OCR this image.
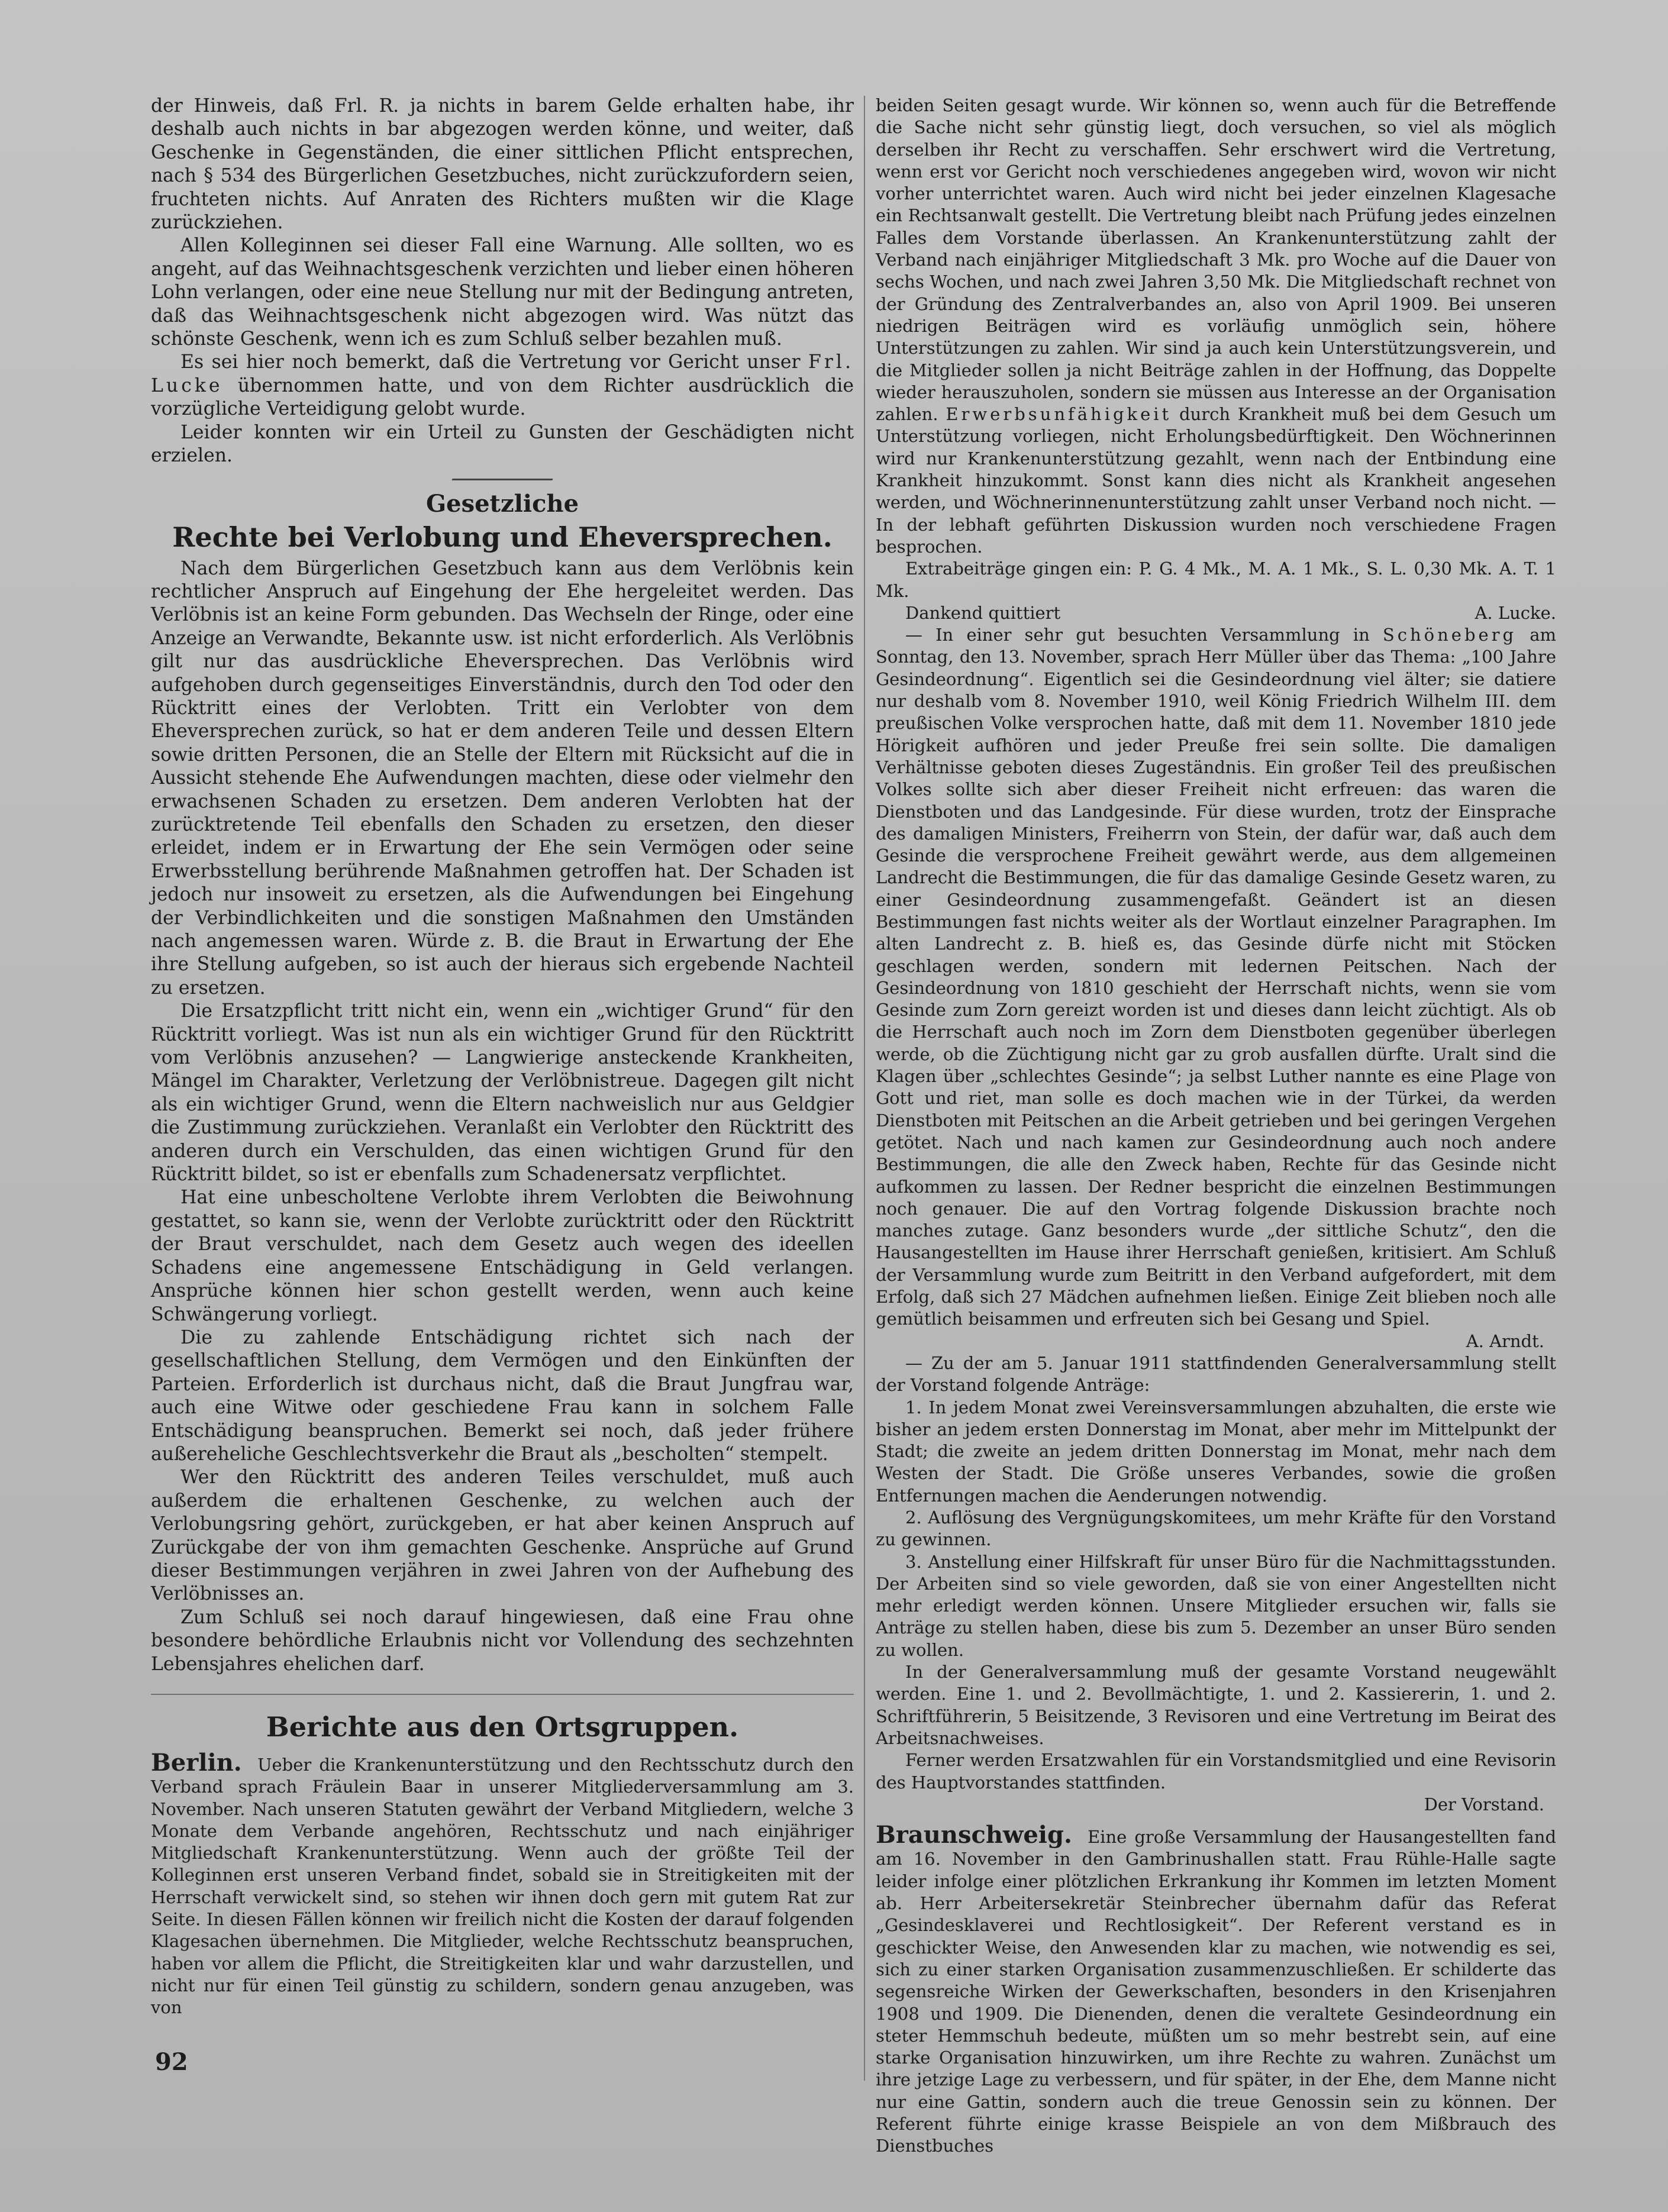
der Hinweis, daß Frl. R. ja nichts in barem Gelde erhalten habe, ihr deshalb auch nichts in bar abgezogen werden könne, und weiter, daß Geschenke in Gegenständen, die einer sittlichen Pflicht entsprechen, nach § 534 des Bürgerlichen Gesetzbuches, nicht zurückzufordern seien, fruchteten nichts. Auf Anraten des Richters mußten wir die Klage zurückziehen.

Allen Kolleginnen sei dieser Fall eine Warnung. Alle sollten, wo es angeht, auf das Weihnachtsgeschenk verzichten und lieber einen höheren Lohn verlangen, oder eine neue Stellung nur mit der Bedingung antreten, daß das Weihnachtsgeschenk nicht abgezogen wird. Was nützt das schönste Geschenk, wenn ich es zum Schluß selber bezahlen muß.

Es sei hier noch bemerkt, daß die Vertretung vor Gericht unser Frl. Lucke übernommen hatte, und von dem Richter ausdrücklich die vorzügliche Verteidigung gelobt wurde.

Leider konnten wir ein Urteil zu Gunsten der Geschädigten nicht erzielen.

Gesetzliche
Rechte bei Verlobung und Eheversprechen.

Nach dem Bürgerlichen Gesetzbuch kann aus dem Verlöbnis kein rechtlicher Anspruch auf Eingehung der Ehe hergeleitet werden. Das Verlöbnis ist an keine Form gebunden. Das Wechseln der Ringe, oder eine Anzeige an Verwandte, Bekannte usw. ist nicht erforderlich. Als Verlöbnis gilt nur das ausdrückliche Eheversprechen. Das Verlöbnis wird aufgehoben durch gegenseitiges Einverständnis, durch den Tod oder den Rücktritt eines der Verlobten. Tritt ein Verlobter von dem Eheversprechen zurück, so hat er dem anderen Teile und dessen Eltern sowie dritten Personen, die an Stelle der Eltern mit Rücksicht auf die in Aussicht stehende Ehe Aufwendungen machten, diese oder vielmehr den erwachsenen Schaden zu ersetzen. Dem anderen Verlobten hat der zurücktretende Teil ebenfalls den Schaden zu ersetzen, den dieser erleidet, indem er in Erwartung der Ehe sein Vermögen oder seine Erwerbsstellung berührende Maßnahmen getroffen hat. Der Schaden ist jedoch nur insoweit zu ersetzen, als die Aufwendungen bei Eingehung der Verbindlichkeiten und die sonstigen Maßnahmen den Umständen nach angemessen waren. Würde z. B. die Braut in Erwartung der Ehe ihre Stellung aufgeben, so ist auch der hieraus sich ergebende Nachteil zu ersetzen.

Die Ersatzpflicht tritt nicht ein, wenn ein „wichtiger Grund“ für den Rücktritt vorliegt. Was ist nun als ein wichtiger Grund für den Rücktritt vom Verlöbnis anzusehen? — Langwierige ansteckende Krankheiten, Mängel im Charakter, Verletzung der Verlöbnistreue. Dagegen gilt nicht als ein wichtiger Grund, wenn die Eltern nachweislich nur aus Geldgier die Zustimmung zurückziehen. Veranlaßt ein Verlobter den Rücktritt des anderen durch ein Verschulden, das einen wichtigen Grund für den Rücktritt bildet, so ist er ebenfalls zum Schadenersatz verpflichtet.

Hat eine unbescholtene Verlobte ihrem Verlobten die Beiwohnung gestattet, so kann sie, wenn der Verlobte zurücktritt oder den Rücktritt der Braut verschuldet, nach dem Gesetz auch wegen des ideellen Schadens eine angemessene Entschädigung in Geld verlangen. Ansprüche können hier schon gestellt werden, wenn auch keine Schwängerung vorliegt.

Die zu zahlende Entschädigung richtet sich nach der gesellschaftlichen Stellung, dem Vermögen und den Einkünften der Parteien. Erforderlich ist durchaus nicht, daß die Braut Jungfrau war, auch eine Witwe oder geschiedene Frau kann in solchem Falle Entschädigung beanspruchen. Bemerkt sei noch, daß jeder frühere außereheliche Geschlechtsverkehr die Braut als „bescholten“ stempelt.

Wer den Rücktritt des anderen Teiles verschuldet, muß auch außerdem die erhaltenen Geschenke, zu welchen auch der Verlobungsring gehört, zurückgeben, er hat aber keinen Anspruch auf Zurückgabe der von ihm gemachten Geschenke. Ansprüche auf Grund dieser Bestimmungen verjähren in zwei Jahren von der Aufhebung des Verlöbnisses an.

Zum Schluß sei noch darauf hingewiesen, daß eine Frau ohne besondere behördliche Erlaubnis nicht vor Vollendung des sechzehnten Lebensjahres ehelichen darf.

Berichte aus den Ortsgruppen.

Berlin. Ueber die Krankenunterstützung und den Rechtsschutz durch den Verband sprach Fräulein Baar in unserer Mitgliederversammlung am 3. November. Nach unseren Statuten gewährt der Verband Mitgliedern, welche 3 Monate dem Verbande angehören, Rechtsschutz und nach einjähriger Mitgliedschaft Krankenunterstützung. Wenn auch der größte Teil der Kolleginnen erst unseren Verband findet, sobald sie in Streitigkeiten mit der Herrschaft verwickelt sind, so stehen wir ihnen doch gern mit gutem Rat zur Seite. In diesen Fällen können wir freilich nicht die Kosten der darauf folgenden Klagesachen übernehmen. Die Mitglieder, welche Rechtsschutz beanspruchen, haben vor allem die Pflicht, die Streitigkeiten klar und wahr darzustellen, und nicht nur für einen Teil günstig zu schildern, sondern genau anzugeben, was von

beiden Seiten gesagt wurde. Wir können so, wenn auch für die Betreffende die Sache nicht sehr günstig liegt, doch versuchen, so viel als möglich derselben ihr Recht zu verschaffen. Sehr erschwert wird die Vertretung, wenn erst vor Gericht noch verschiedenes angegeben wird, wovon wir nicht vorher unterrichtet waren. Auch wird nicht bei jeder einzelnen Klagesache ein Rechtsanwalt gestellt. Die Vertretung bleibt nach Prüfung jedes einzelnen Falles dem Vorstande überlassen. An Krankenunterstützung zahlt der Verband nach einjähriger Mitgliedschaft 3 Mk. pro Woche auf die Dauer von sechs Wochen, und nach zwei Jahren 3,50 Mk. Die Mitgliedschaft rechnet von der Gründung des Zentralverbandes an, also von April 1909. Bei unseren niedrigen Beiträgen wird es vorläufig unmöglich sein, höhere Unterstützungen zu zahlen. Wir sind ja auch kein Unterstützungsverein, und die Mitglieder sollen ja nicht Beiträge zahlen in der Hoffnung, das Doppelte wieder herauszuholen, sondern sie müssen aus Interesse an der Organisation zahlen. Erwerbsunfähigkeit durch Krankheit muß bei dem Gesuch um Unterstützung vorliegen, nicht Erholungsbedürftigkeit. Den Wöchnerinnen wird nur Krankenunterstützung gezahlt, wenn nach der Entbindung eine Krankheit hinzukommt. Sonst kann dies nicht als Krankheit angesehen werden, und Wöchnerinnenunterstützung zahlt unser Verband noch nicht. — In der lebhaft geführten Diskussion wurden noch verschiedene Fragen besprochen.

Extrabeiträge gingen ein: P. G. 4 Mk., M. A. 1 Mk., S. L. 0,30 Mk. A. T. 1 Mk.

Dankend quittiert	A. Lucke.

— In einer sehr gut besuchten Versammlung in Schöneberg am Sonntag, den 13. November, sprach Herr Müller über das Thema: „100 Jahre Gesindeordnung“. Eigentlich sei die Gesindeordnung viel älter; sie datiere nur deshalb vom 8. November 1910, weil König Friedrich Wilhelm III. dem preußischen Volke versprochen hatte, daß mit dem 11. November 1810 jede Hörigkeit aufhören und jeder Preuße frei sein sollte. Die damaligen Verhältnisse geboten dieses Zugeständnis. Ein großer Teil des preußischen Volkes sollte sich aber dieser Freiheit nicht erfreuen: das waren die Dienstboten und das Landgesinde. Für diese wurden, trotz der Einsprache des damaligen Ministers, Freiherrn von Stein, der dafür war, daß auch dem Gesinde die versprochene Freiheit gewährt werde, aus dem allgemeinen Landrecht die Bestimmungen, die für das damalige Gesinde Gesetz waren, zu einer Gesindeordnung zusammengefaßt. Geändert ist an diesen Bestimmungen fast nichts weiter als der Wortlaut einzelner Paragraphen. Im alten Landrecht z. B. hieß es, das Gesinde dürfe nicht mit Stöcken geschlagen werden, sondern mit ledernen Peitschen. Nach der Gesindeordnung von 1810 geschieht der Herrschaft nichts, wenn sie vom Gesinde zum Zorn gereizt worden ist und dieses dann leicht züchtigt. Als ob die Herrschaft auch noch im Zorn dem Dienstboten gegenüber überlegen werde, ob die Züchtigung nicht gar zu grob ausfallen dürfte. Uralt sind die Klagen über „schlechtes Gesinde“; ja selbst Luther nannte es eine Plage von Gott und riet, man solle es doch machen wie in der Türkei, da werden Dienstboten mit Peitschen an die Arbeit getrieben und bei geringen Vergehen getötet. Nach und nach kamen zur Gesindeordnung auch noch andere Bestimmungen, die alle den Zweck haben, Rechte für das Gesinde nicht aufkommen zu lassen. Der Redner bespricht die einzelnen Bestimmungen noch genauer. Die auf den Vortrag folgende Diskussion brachte noch manches zutage. Ganz besonders wurde „der sittliche Schutz“, den die Hausangestellten im Hause ihrer Herrschaft genießen, kritisiert. Am Schluß der Versammlung wurde zum Beitritt in den Verband aufgefordert, mit dem Erfolg, daß sich 27 Mädchen aufnehmen ließen. Einige Zeit blieben noch alle gemütlich beisammen und erfreuten sich bei Gesang und Spiel.

A. Arndt.

— Zu der am 5. Januar 1911 stattfindenden Generalversammlung stellt der Vorstand folgende Anträge:

1. In jedem Monat zwei Vereinsversammlungen abzuhalten, die erste wie bisher an jedem ersten Donnerstag im Monat, aber mehr im Mittelpunkt der Stadt; die zweite an jedem dritten Donnerstag im Monat, mehr nach dem Westen der Stadt. Die Größe unseres Verbandes, sowie die großen Entfernungen machen die Aenderungen notwendig.

2. Auflösung des Vergnügungskomitees, um mehr Kräfte für den Vorstand zu gewinnen.

3. Anstellung einer Hilfskraft für unser Büro für die Nachmittagsstunden. Der Arbeiten sind so viele geworden, daß sie von einer Angestellten nicht mehr erledigt werden können. Unsere Mitglieder ersuchen wir, falls sie Anträge zu stellen haben, diese bis zum 5. Dezember an unser Büro senden zu wollen.

In der Generalversammlung muß der gesamte Vorstand neugewählt werden. Eine 1. und 2. Bevollmächtigte, 1. und 2. Kassiererin, 1. und 2. Schriftführerin, 5 Beisitzende, 3 Revisoren und eine Vertretung im Beirat des Arbeitsnachweises.

Ferner werden Ersatzwahlen für ein Vorstandsmitglied und eine Revisorin des Hauptvorstandes stattfinden.

Der Vorstand.

Braunschweig. Eine große Versammlung der Hausangestellten fand am 16. November in den Gambrinushallen statt. Frau Rühle-Halle sagte leider infolge einer plötzlichen Erkrankung ihr Kommen im letzten Moment ab. Herr Arbeitersekretär Steinbrecher übernahm dafür das Referat „Gesindesklaverei und Rechtlosigkeit“. Der Referent verstand es in geschickter Weise, den Anwesenden klar zu machen, wie notwendig es sei, sich zu einer starken Organisation zusammenzuschließen. Er schilderte das segensreiche Wirken der Gewerkschaften, besonders in den Krisenjahren 1908 und 1909. Die Dienenden, denen die veraltete Gesindeordnung ein steter Hemmschuh bedeute, müßten um so mehr bestrebt sein, auf eine starke Organisation hinzuwirken, um ihre Rechte zu wahren. Zunächst um ihre jetzige Lage zu verbessern, und für später, in der Ehe, dem Manne nicht nur eine Gattin, sondern auch die treue Genossin sein zu können. Der Referent führte einige krasse Beispiele an von dem Mißbrauch des Dienstbuches

92
